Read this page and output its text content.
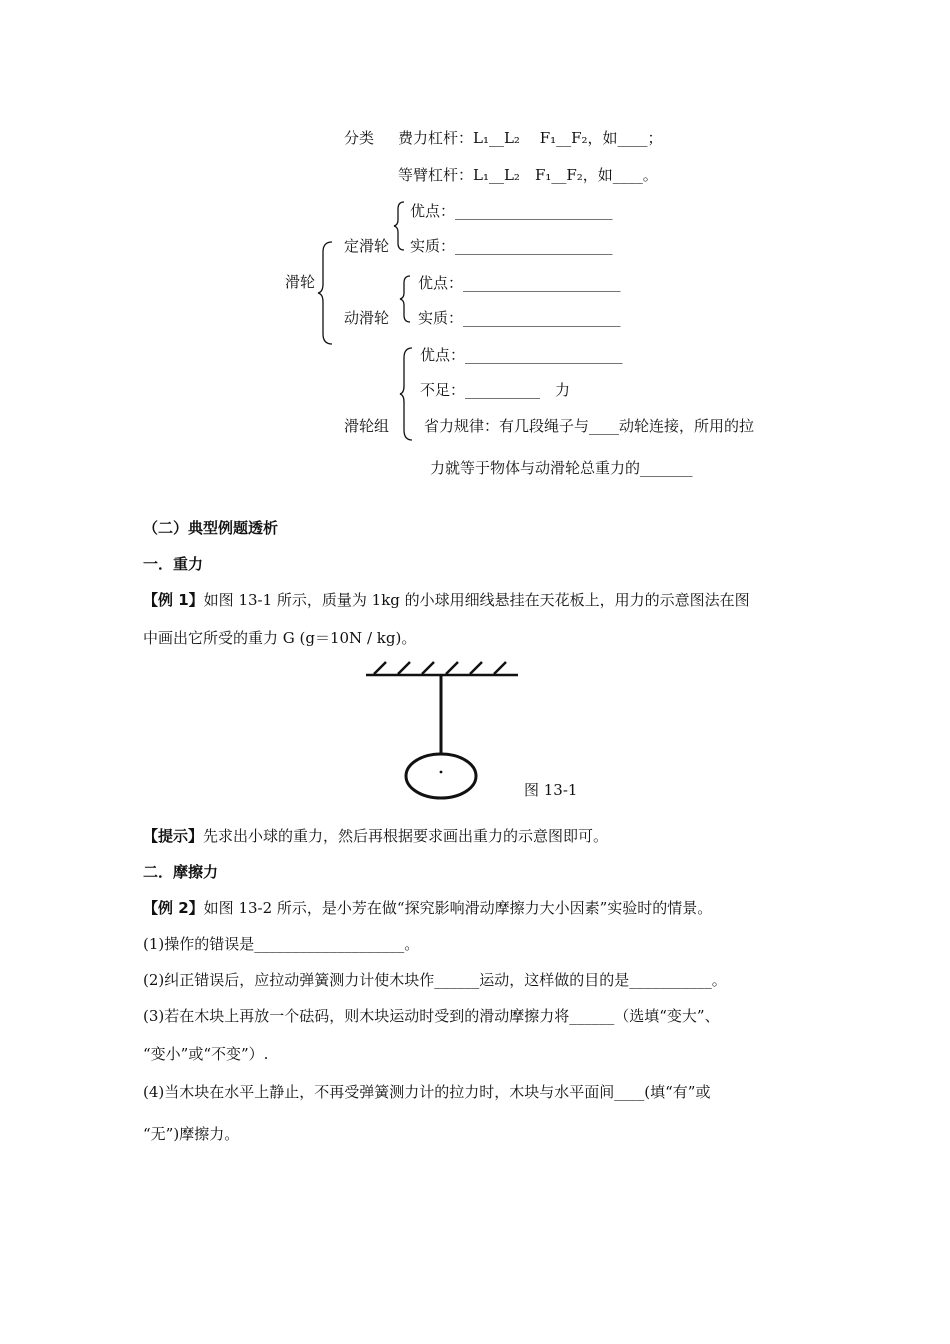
分类 费力杠杆：L₁__L₂　 F₁__F₂，如____；
等臂杠杆：L₁__L₂　F₁__F₂，如____。
滑轮
定滑轮
优点：_____________________
实质：_____________________
动滑轮
优点：_____________________
实质：_____________________
滑轮组
优点：_____________________
不足：__________　力
省力规律：有几段绳子与____动轮连接，所用的拉
力就等于物体与动滑轮总重力的_______
（二）典型例题透析
一．重力
【例 1】如图 13-1 所示，质量为 1kg 的小球用细线悬挂在天花板上，用力的示意图法在图
中画出它所受的重力 G (g＝10N / kg)。
图 13-1
【提示】先求出小球的重力，然后再根据要求画出重力的示意图即可。
二．摩擦力
【例 2】如图 13-2 所示，是小芳在做“探究影响滑动摩擦力大小因素”实验时的情景。
(1)操作的错误是____________________。
(2)纠正错误后，应拉动弹簧测力计使木块作______运动，这样做的目的是___________。
(3)若在木块上再放一个砝码，则木块运动时受到的滑动摩擦力将______（选填“变大”、
“变小”或“不变”）.
(4)当木块在水平上静止，不再受弹簧测力计的拉力时，木块与水平面间____(填“有”或
“无”)摩擦力。
